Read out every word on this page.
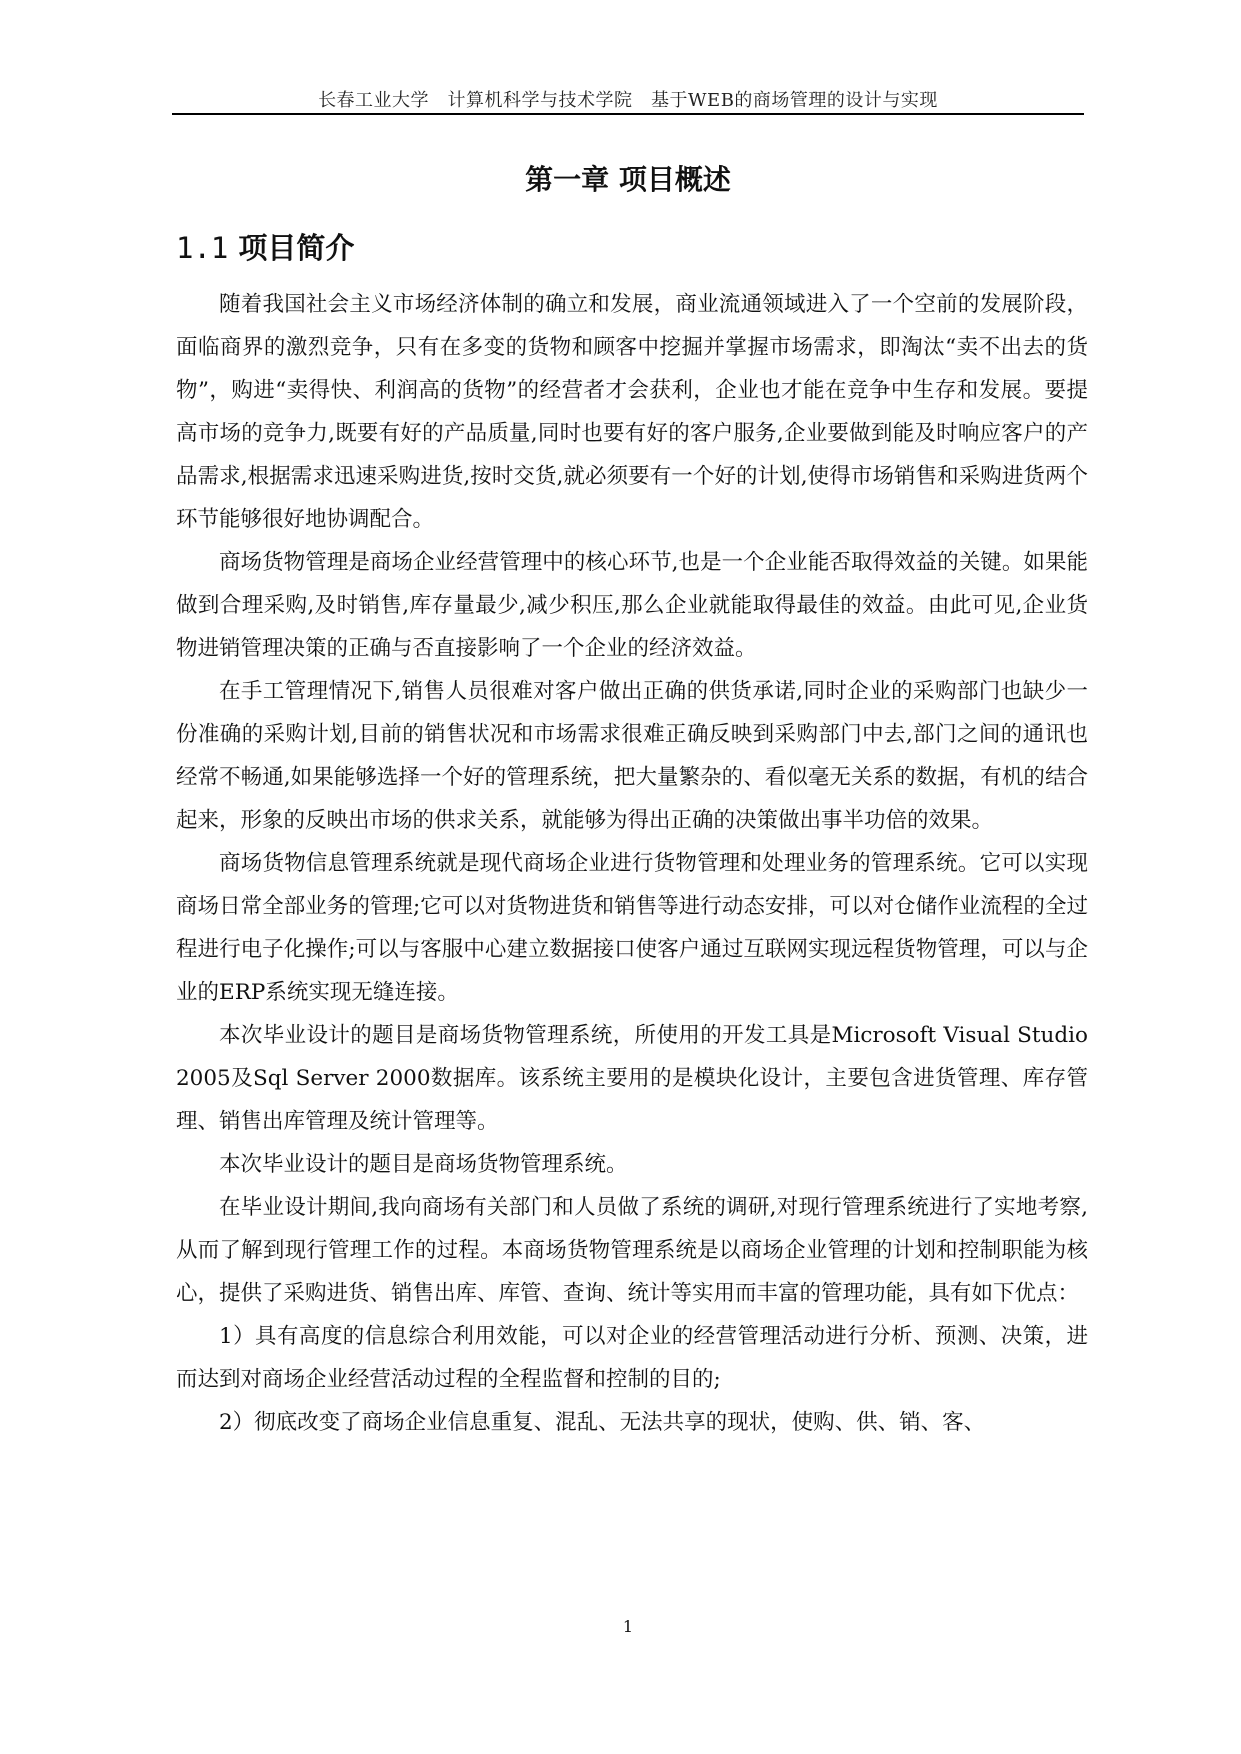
长春工业大学　计算机科学与技术学院　基于WEB的商场管理的设计与实现
第一章 项目概述
1.1 项目简介

随着我国社会主义市场经济体制的确立和发展，商业流通领域进入了一个空前的发展阶段，面临商界的激烈竞争，只有在多变的货物和顾客中挖掘并掌握市场需求，即淘汰“卖不出去的货物”，购进“卖得快、利润高的货物”的经营者才会获利，企业也才能在竞争中生存和发展。要提高市场的竞争力,既要有好的产品质量,同时也要有好的客户服务,企业要做到能及时响应客户的产品需求,根据需求迅速采购进货,按时交货,就必须要有一个好的计划,使得市场销售和采购进货两个环节能够很好地协调配合。

商场货物管理是商场企业经营管理中的核心环节,也是一个企业能否取得效益的关键。如果能做到合理采购,及时销售,库存量最少,减少积压,那么企业就能取得最佳的效益。由此可见,企业货物进销管理决策的正确与否直接影响了一个企业的经济效益。

在手工管理情况下,销售人员很难对客户做出正确的供货承诺,同时企业的采购部门也缺少一份准确的采购计划,目前的销售状况和市场需求很难正确反映到采购部门中去,部门之间的通讯也经常不畅通,如果能够选择一个好的管理系统，把大量繁杂的、看似毫无关系的数据，有机的结合起来，形象的反映出市场的供求关系，就能够为得出正确的决策做出事半功倍的效果。

商场货物信息管理系统就是现代商场企业进行货物管理和处理业务的管理系统。它可以实现商场日常全部业务的管理;它可以对货物进货和销售等进行动态安排，可以对仓储作业流程的全过程进行电子化操作;可以与客服中心建立数据接口使客户通过互联网实现远程货物管理，可以与企业的ERP系统实现无缝连接。

本次毕业设计的题目是商场货物管理系统，所使用的开发工具是Microsoft Visual Studio 2005及Sql Server 2000数据库。该系统主要用的是模块化设计，主要包含进货管理、库存管理、销售出库管理及统计管理等。

本次毕业设计的题目是商场货物管理系统。

在毕业设计期间,我向商场有关部门和人员做了系统的调研,对现行管理系统进行了实地考察,从而了解到现行管理工作的过程。本商场货物管理系统是以商场企业管理的计划和控制职能为核心，提供了采购进货、销售出库、库管、查询、统计等实用而丰富的管理功能，具有如下优点：

1）具有高度的信息综合利用效能，可以对企业的经营管理活动进行分析、预测、决策，进而达到对商场企业经营活动过程的全程监督和控制的目的;

2）彻底改变了商场企业信息重复、混乱、无法共享的现状，使购、供、销、客、

1
